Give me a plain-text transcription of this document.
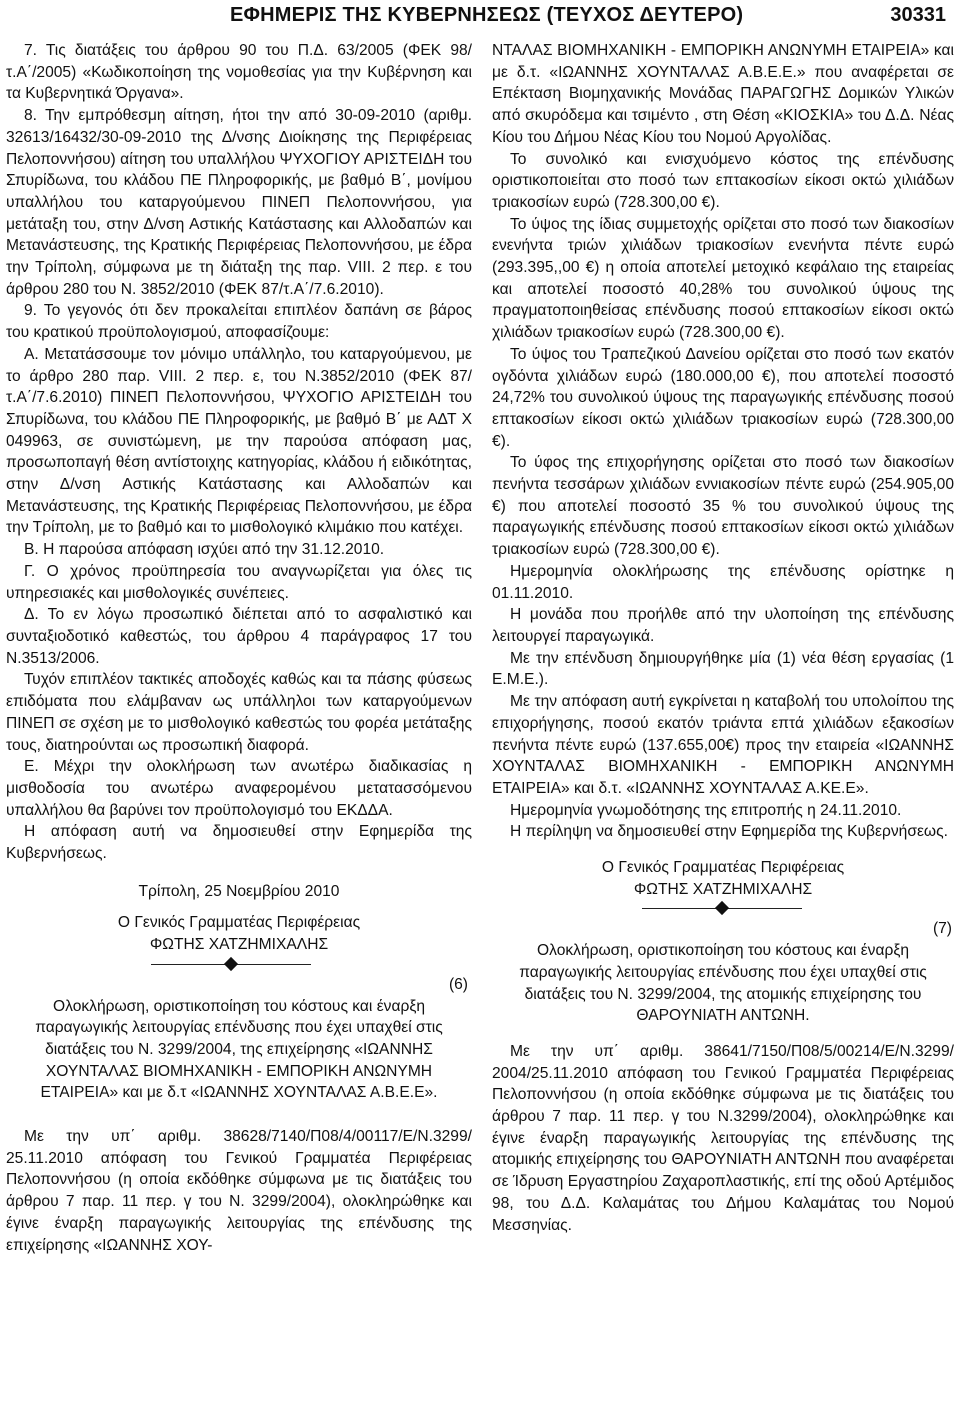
ΕΦΗΜΕΡΙΣ ΤΗΣ ΚΥΒΕΡΝΗΣΕΩΣ (ΤΕΥΧΟΣ ΔΕΥΤΕΡΟ)	30331

7. Τις διατάξεις του άρθρου 90 του Π.Δ. 63/2005 (ΦΕΚ 98/τ.Α΄/2005) «Κωδικοποίηση της νομοθεσίας για την Κυβέρνηση και τα Κυβερνητικά Όργανα».

8. Την εμπρόθεσμη αίτηση, ήτοι την από 30-09-2010 (αριθμ. 32613/16432/30-09-2010 της Δ/νσης Διοίκησης της Περιφέρειας Πελοποννήσου) αίτηση του υπαλλήλου ΨΥΧΟΓΙΟΥ ΑΡΙΣΤΕΙΔΗ του Σπυρίδωνα, του κλάδου ΠΕ Πληροφορικής, με βαθμό Β΄, μονίμου υπαλλήλου του καταργούμενου ΠΙΝΕΠ Πελοποννήσου, για μετάταξη του, στην Δ/νση Αστικής Κατάστασης και Αλλοδαπών και Μετανάστευσης, της Κρατικής Περιφέρειας Πελοποννήσου, με έδρα την Τρίπολη, σύμφωνα με τη διάταξη της παρ. VIII. 2 περ. ε του άρθρου 280 του Ν. 3852/2010 (ΦΕΚ 87/τ.Α΄/7.6.2010).

9. Το γεγονός ότι δεν προκαλείται επιπλέον δαπάνη σε βάρος του κρατικού προϋπολογισμού, αποφασίζουμε:

Α. Μετατάσσουμε τον μόνιμο υπάλληλο, του καταργούμενου, με το άρθρο 280 παρ. VIII. 2 περ. ε, του Ν.3852/2010 (ΦΕΚ 87/τ.Α΄/7.6.2010) ΠΙΝΕΠ Πελοποννήσου, ΨΥΧΟΓΙΟ ΑΡΙΣΤΕΙΔΗ του Σπυρίδωνα, του κλάδου ΠΕ Πληροφορικής, με βαθμό Β΄ με ΑΔΤ Χ 049963, σε συνιστώμενη, με την παρούσα απόφαση μας, προσωποπαγή θέση αντίστοιχης κατηγορίας, κλάδου ή ειδικότητας, στην Δ/νση Αστικής Κατάστασης και Αλλοδαπών και Μετανάστευσης, της Κρατικής Περιφέρειας Πελοποννήσου, με έδρα την Τρίπολη, με το βαθμό και το μισθολογικό κλιμάκιο που κατέχει.

Β. Η παρούσα απόφαση ισχύει από την 31.12.2010.

Γ. Ο χρόνος προϋπηρεσία του αναγνωρίζεται για όλες τις υπηρεσιακές και μισθολογικές συνέπειες.

Δ. Το εν λόγω προσωπικό διέπεται από το ασφαλιστικό και συνταξιοδοτικό καθεστώς, του άρθρου 4 παράγραφος 17 του Ν.3513/2006.

Τυχόν επιπλέον τακτικές αποδοχές καθώς και τα πάσης φύσεως επιδόματα που ελάμβαναν ως υπάλληλοι των καταργούμενων ΠΙΝΕΠ σε σχέση με το μισθολογικό καθεστώς του φορέα μετάταξης τους, διατηρούνται ως προσωπική διαφορά.

Ε. Μέχρι την ολοκλήρωση των ανωτέρω διαδικασίας η μισθοδοσία του ανωτέρω αναφερομένου μετατασσόμενου υπαλλήλου θα βαρύνει τον προϋπολογισμό του ΕΚΔΔΑ.

Η απόφαση αυτή να δημοσιευθεί στην Εφημερίδα της Κυβερνήσεως.

Τρίπολη, 25 Νοεμβρίου 2010

Ο Γενικός Γραμματέας Περιφέρειας

ΦΩΤΗΣ ΧΑΤΖΗΜΙΧΑΛΗΣ

(6)

Ολοκλήρωση, οριστικοποίηση του κόστους και έναρξη παραγωγικής λειτουργίας επένδυσης που έχει υπαχθεί στις διατάξεις του Ν. 3299/2004, της επιχείρησης «ΙΩΑΝΝΗΣ ΧΟΥΝΤΑΛΑΣ ΒΙΟΜΗΧΑΝΙΚΗ - ΕΜΠΟΡΙΚΗ ΑΝΩΝΥΜΗ ΕΤΑΙΡΕΙΑ» και με δ.τ «ΙΩΑΝΝΗΣ ΧΟΥΝΤΑΛΑΣ Α.Β.Ε.Ε».

Με την υπ΄ αριθμ. 38628/7140/Π08/4/00117/Ε/Ν.3299/ 25.11.2010 απόφαση του Γενικού Γραμματέα Περιφέρειας Πελοποννήσου (η οποία εκδόθηκε σύμφωνα με τις διατάξεις του άρθρου 7 παρ. 11 περ. γ του Ν. 3299/2004), ολοκληρώθηκε και έγινε έναρξη παραγωγικής λειτουργίας της επένδυσης της επιχείρησης «ΙΩΑΝΝΗΣ ΧΟΥ-

ΝΤΑΛΑΣ ΒΙΟΜΗΧΑΝΙΚΗ - ΕΜΠΟΡΙΚΗ ΑΝΩΝΥΜΗ ΕΤΑΙΡΕΙΑ» και με δ.τ. «ΙΩΑΝΝΗΣ ΧΟΥΝΤΑΛΑΣ Α.Β.Ε.Ε.» που αναφέρεται σε Επέκταση Βιομηχανικής Μονάδας ΠΑΡΑΓΩΓΗΣ Δομικών Υλικών από σκυρόδεμα και τσιμέντο , στη Θέση «ΚΙΟΣΚΙΑ» του Δ.Δ. Νέας Κίου του Δήμου Νέας Κίου του Νομού Αργολίδας.

Το συνολικό και ενισχυόμενο κόστος της επένδυσης οριστικοποιείται στο ποσό των επτακοσίων είκοσι οκτώ χιλιάδων τριακοσίων ευρώ (728.300,00 €).

Το ύψος της ίδιας συμμετοχής ορίζεται στο ποσό των διακοσίων ενενήντα τριών χιλιάδων τριακοσίων ενενήντα πέντε ευρώ (293.395,,00 €) η οποία αποτελεί μετοχικό κεφάλαιο της εταιρείας και αποτελεί ποσοστό 40,28% του συνολικού ύψους της πραγματοποιηθείσας επένδυσης ποσού επτακοσίων είκοσι οκτώ χιλιάδων τριακοσίων ευρώ (728.300,00 €).

Το ύψος του Τραπεζικού Δανείου ορίζεται στο ποσό των εκατόν ογδόντα χιλιάδων ευρώ (180.000,00 €), που αποτελεί ποσοστό 24,72% του συνολικού ύψους της παραγωγικής επένδυσης ποσού επτακοσίων είκοσι οκτώ χιλιάδων τριακοσίων ευρώ (728.300,00 €).

Το ύφος της επιχορήγησης ορίζεται στο ποσό των διακοσίων πενήντα τεσσάρων χιλιάδων εννιακοσίων πέντε ευρώ (254.905,00 €) που αποτελεί ποσοστό 35 % του συνολικού ύψους της παραγωγικής επένδυσης ποσού επτακοσίων είκοσι οκτώ χιλιάδων τριακοσίων ευρώ (728.300,00 €).

Ημερομηνία ολοκλήρωσης της επένδυσης ορίστηκε η 01.11.2010.

Η μονάδα που προήλθε από την υλοποίηση της επένδυσης λειτουργεί παραγωγικά.

Με την επένδυση δημιουργήθηκε μία (1) νέα θέση εργασίας (1 Ε.Μ.Ε.).

Με την απόφαση αυτή εγκρίνεται η καταβολή του υπολοίπου της επιχορήγησης, ποσού εκατόν τριάντα επτά χιλιάδων εξακοσίων πενήντα πέντε ευρώ (137.655,00€) προς την εταιρεία «ΙΩΑΝΝΗΣ ΧΟΥΝΤΑΛΑΣ ΒΙΟΜΗΧΑΝΙΚΗ - ΕΜΠΟΡΙΚΗ ΑΝΩΝΥΜΗ ΕΤΑΙΡΕΙΑ» και δ.τ. «ΙΩΑΝΝΗΣ ΧΟΥΝΤΑΛΑΣ Α.ΚΕ.Ε».

Ημερομηνία γνωμοδότησης της επιτροπής η 24.11.2010.

Η περίληψη να δημοσιευθεί στην Εφημερίδα της Κυβερνήσεως.

Ο Γενικός Γραμματέας Περιφέρειας

ΦΩΤΗΣ ΧΑΤΖΗΜΙΧΑΛΗΣ

(7)

Ολοκλήρωση, οριστικοποίηση του κόστους και έναρξη παραγωγικής λειτουργίας επένδυσης που έχει υπαχθεί στις διατάξεις του Ν. 3299/2004, της ατομικής επιχείρησης του ΘΑΡΟΥΝΙΑΤΗ ΑΝΤΩΝΗ.

Με την υπ΄ αριθμ. 38641/7150/Π08/5/00214/Ε/Ν.3299/ 2004/25.11.2010 απόφαση του Γενικού Γραμματέα Περιφέρειας Πελοποννήσου (η οποία εκδόθηκε σύμφωνα με τις διατάξεις του άρθρου 7 παρ. 11 περ. γ του Ν.3299/2004), ολοκληρώθηκε και έγινε έναρξη παραγωγικής λειτουργίας της επένδυσης της ατομικής επιχείρησης του ΘΑΡΟΥΝΙΑΤΗ ΑΝΤΩΝΗ που αναφέρεται σε Ίδρυση Εργαστηρίου Ζαχαροπλαστικής, επί της οδού Αρτέμιδος 98, του Δ.Δ. Καλαμάτας του Δήμου Καλαμάτας του Νομού Μεσσηνίας.
